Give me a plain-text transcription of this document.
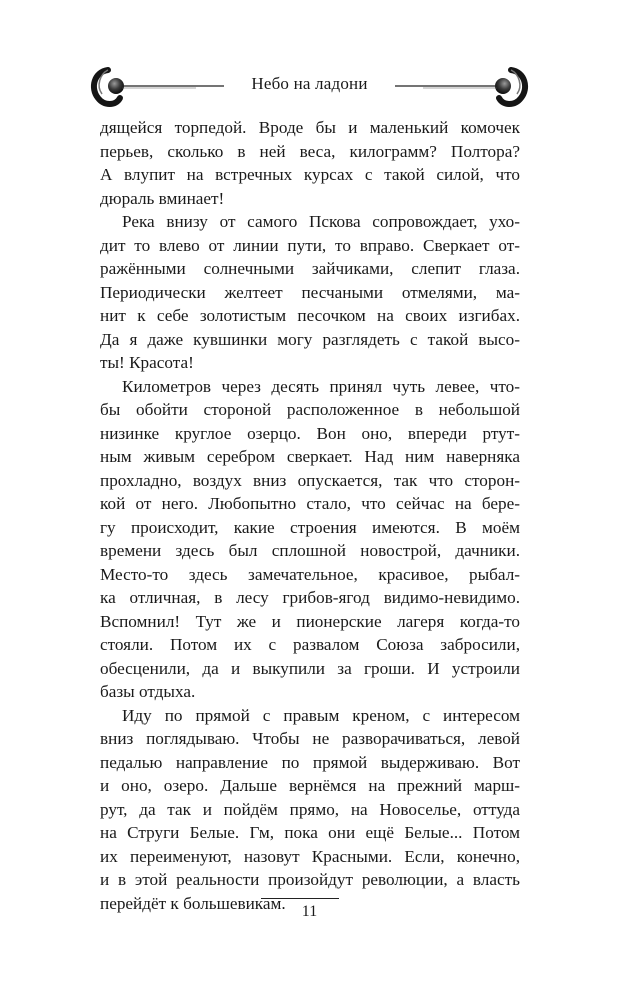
Небо на ладони
дящейся торпедой. Вроде бы и маленький комочек
перьев, сколько в ней веса, килограмм? Полтора?
А влупит на встречных курсах с такой силой, что
дюраль вминает!
Река внизу от самого Пскова сопровождает, ухо-
дит то влево от линии пути, то вправо. Сверкает от-
ражёнными солнечными зайчиками, слепит глаза.
Периодически желтеет песчаными отмелями, ма-
нит к себе золотистым песочком на своих изгибах.
Да я даже кувшинки могу разглядеть с такой высо-
ты! Красота!
Километров через десять принял чуть левее, что-
бы обойти стороной расположенное в небольшой
низинке круглое озерцо. Вон оно, впереди ртут-
ным живым серебром сверкает. Над ним наверняка
прохладно, воздух вниз опускается, так что сторон-
кой от него. Любопытно стало, что сейчас на бере-
гу происходит, какие строения имеются. В моём
времени здесь был сплошной новострой, дачники.
Место-то здесь замечательное, красивое, рыбал-
ка отличная, в лесу грибов-ягод видимо-невидимо.
Вспомнил! Тут же и пионерские лагеря когда-то
стояли. Потом их с развалом Союза забросили,
обесценили, да и выкупили за гроши. И устроили
базы отдыха.
Иду по прямой с правым креном, с интересом
вниз поглядываю. Чтобы не разворачиваться, левой
педалью направление по прямой выдерживаю. Вот
и оно, озеро. Дальше вернёмся на прежний марш-
рут, да так и пойдём прямо, на Новоселье, оттуда
на Струги Белые. Гм, пока они ещё Белые... Потом
их переименуют, назовут Красными. Если, конечно,
и в этой реальности произойдут революции, а власть
перейдёт к большевикам.	11
